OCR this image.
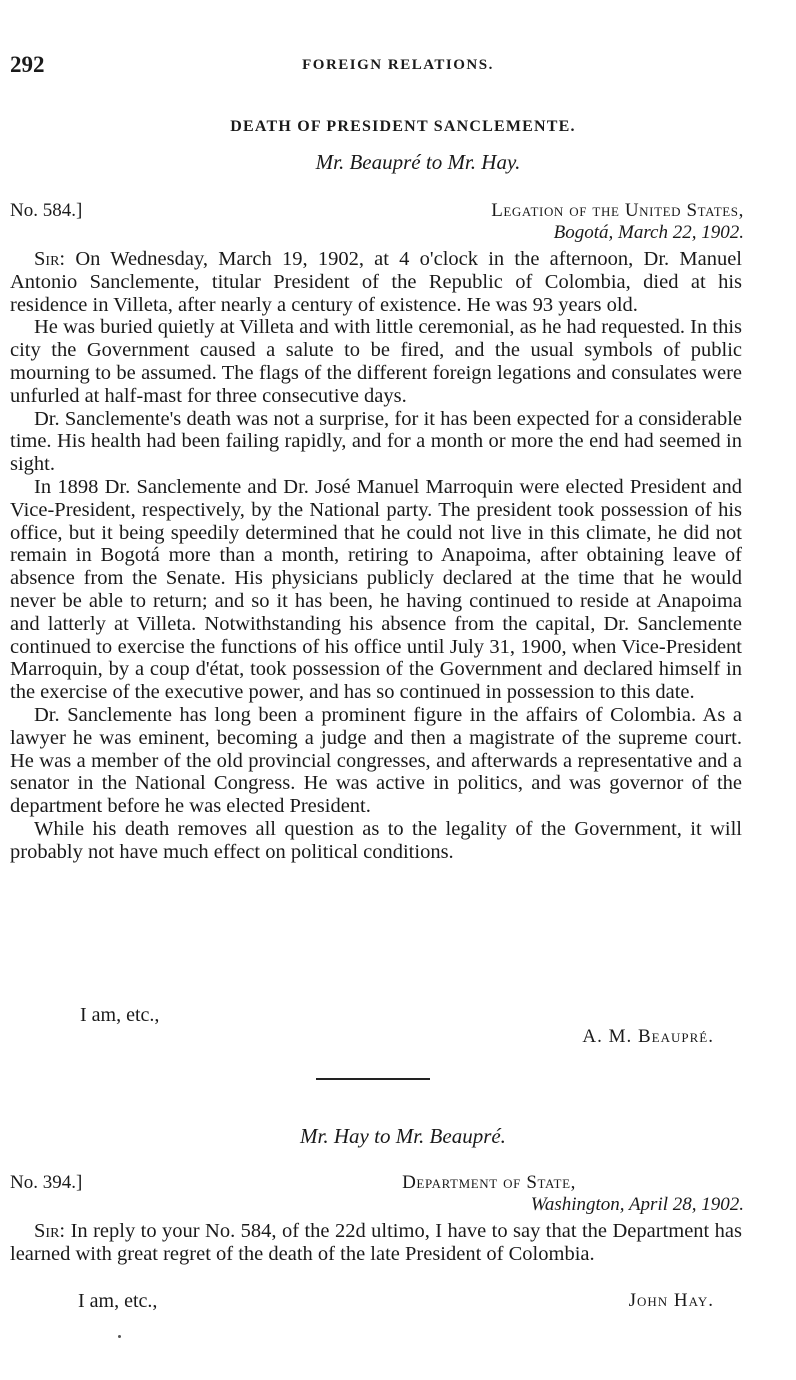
292	FOREIGN RELATIONS.
DEATH OF PRESIDENT SANCLEMENTE.
Mr. Beaupré to Mr. Hay.
No. 584.]	Legation of the United States,
Bogotá, March 22, 1902.

Sir: On Wednesday, March 19, 1902, at 4 o'clock in the afternoon, Dr. Manuel Antonio Sanclemente, titular President of the Republic of Colombia, died at his residence in Villeta, after nearly a century of existence. He was 93 years old.

He was buried quietly at Villeta and with little ceremonial, as he had requested. In this city the Government caused a salute to be fired, and the usual symbols of public mourning to be assumed. The flags of the different foreign legations and consulates were unfurled at half-mast for three consecutive days.

Dr. Sanclemente's death was not a surprise, for it has been expected for a considerable time. His health had been failing rapidly, and for a month or more the end had seemed in sight.

In 1898 Dr. Sanclemente and Dr. José Manuel Marroquin were elected President and Vice-President, respectively, by the National party. The president took possession of his office, but it being speedily determined that he could not live in this climate, he did not remain in Bogotá more than a month, retiring to Anapoima, after obtaining leave of absence from the Senate. His physicians publicly declared at the time that he would never be able to return; and so it has been, he having continued to reside at Anapoima and latterly at Villeta. Notwithstanding his absence from the capital, Dr. Sanclemente continued to exercise the functions of his office until July 31, 1900, when Vice-President Marroquin, by a coup d'état, took possession of the Government and declared himself in the exercise of the executive power, and has so continued in possession to this date.

Dr. Sanclemente has long been a prominent figure in the affairs of Colombia. As a lawyer he was eminent, becoming a judge and then a magistrate of the supreme court. He was a member of the old provincial congresses, and afterwards a representative and a senator in the National Congress. He was active in politics, and was governor of the department before he was elected President.

While his death removes all question as to the legality of the Government, it will probably not have much effect on political conditions.

I am, etc.,
A. M. Beaupré.
Mr. Hay to Mr. Beaupré.
No. 394.]	Department of State,
Washington, April 28, 1902.

Sir: In reply to your No. 584, of the 22d ultimo, I have to say that the Department has learned with great regret of the death of the late President of Colombia.

I am, etc.,	John Hay.
